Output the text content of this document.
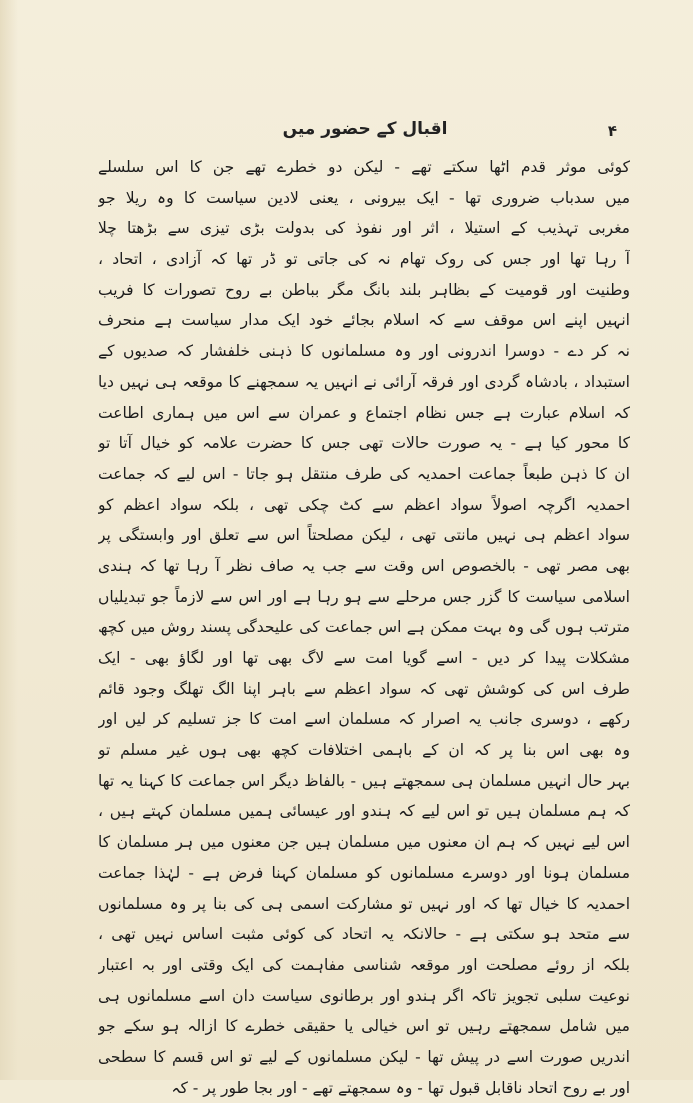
۴
اقبال کے حضور میں
کوئی موثر قدم اٹھا سکتے تھے - لیکن دو خطرے تھے جن کا اس سلسلے
میں سدباب ضروری تھا - ایک بیرونی ، یعنی لادین سیاست کا وہ ریلا جو
مغربی تہذیب کے استیلا ، اثر اور نفوذ کی بدولت بڑی تیزی سے بڑھتا چلا
آ رہا تھا اور جس کی روک تھام نہ کی جاتی تو ڈر تھا کہ آزادی ، اتحاد ،
وطنیت اور قومیت کے بظاہر بلند بانگ مگر بباطن بے روح تصورات کا فریب
انہیں اپنے اس موقف سے کہ اسلام بجائے خود ایک مدار سیاست ہے منحرف
نہ کر دے - دوسرا اندرونی اور وہ مسلمانوں کا ذہنی خلفشار کہ صدیوں کے
استبداد ، بادشاہ گردی اور فرقہ آرائی نے انہیں یہ سمجھنے کا موقعہ ہی نہیں دیا
کہ اسلام عبارت ہے جس نظام اجتماع و عمران سے اس میں ہماری اطاعت
کا محور کیا ہے - یہ صورت حالات تھی جس کا حضرت علامہ کو خیال آتا تو
ان کا ذہن طبعاً جماعت احمدیہ کی طرف منتقل ہو جاتا - اس لیے کہ جماعت
احمدیہ اگرچہ اصولاً سواد اعظم سے کٹ چکی تھی ، بلکہ سواد اعظم کو
سواد اعظم ہی نہیں مانتی تھی ، لیکن مصلحتاً اس سے تعلق اور وابستگی پر
بھی مصر تھی - بالخصوص اس وقت سے جب یہ صاف نظر آ رہا تھا کہ ہندی
اسلامی سیاست کا گزر جس مرحلے سے ہو رہا ہے اور اس سے لازماً جو تبدیلیاں
مترتب ہوں گی وہ بہت ممکن ہے اس جماعت کی علیحدگی پسند روش میں کچھ
مشکلات پیدا کر دیں - اسے گویا امت سے لاگ بھی تھا اور لگاؤ بھی - ایک
طرف اس کی کوشش تھی کہ سواد اعظم سے باہر اپنا الگ تھلگ وجود قائم
رکھے ، دوسری جانب یہ اصرار کہ مسلمان اسے امت کا جز تسلیم کر لیں اور
وہ بھی اس بنا پر کہ ان کے باہمی اختلافات کچھ بھی ہوں غیر مسلم تو
بہر حال انہیں مسلمان ہی سمجھتے ہیں - بالفاظ دیگر اس جماعت کا کہنا یہ تھا
کہ ہم مسلمان ہیں تو اس لیے کہ ہندو اور عیسائی ہمیں مسلمان کہتے ہیں ،
اس لیے نہیں کہ ہم ان معنوں میں مسلمان ہیں جن معنوں میں ہر مسلمان کا
مسلمان ہونا اور دوسرے مسلمانوں کو مسلمان کہنا فرض ہے - لہٰذا جماعت
احمدیہ کا خیال تھا کہ اور نہیں تو مشارکت اسمی ہی کی بنا پر وہ مسلمانوں
سے متحد ہو سکتی ہے - حالانکہ یہ اتحاد کی کوئی مثبت اساس نہیں تھی ،
بلکہ از روئے مصلحت اور موقعہ شناسی مفاہمت کی ایک وقتی اور بہ اعتبار
نوعیت سلبی تجویز تاکہ اگر ہندو اور برطانوی سیاست دان اسے مسلمانوں ہی
میں شامل سمجھتے رہیں تو اس خیالی یا حقیقی خطرے کا ازالہ ہو سکے جو
اندریں صورت اسے در پیش تھا - لیکن مسلمانوں کے لیے تو اس قسم کا سطحی
اور بے روح اتحاد ناقابل قبول تھا - وہ سمجھتے تھے - اور بجا طور پر - کہ
